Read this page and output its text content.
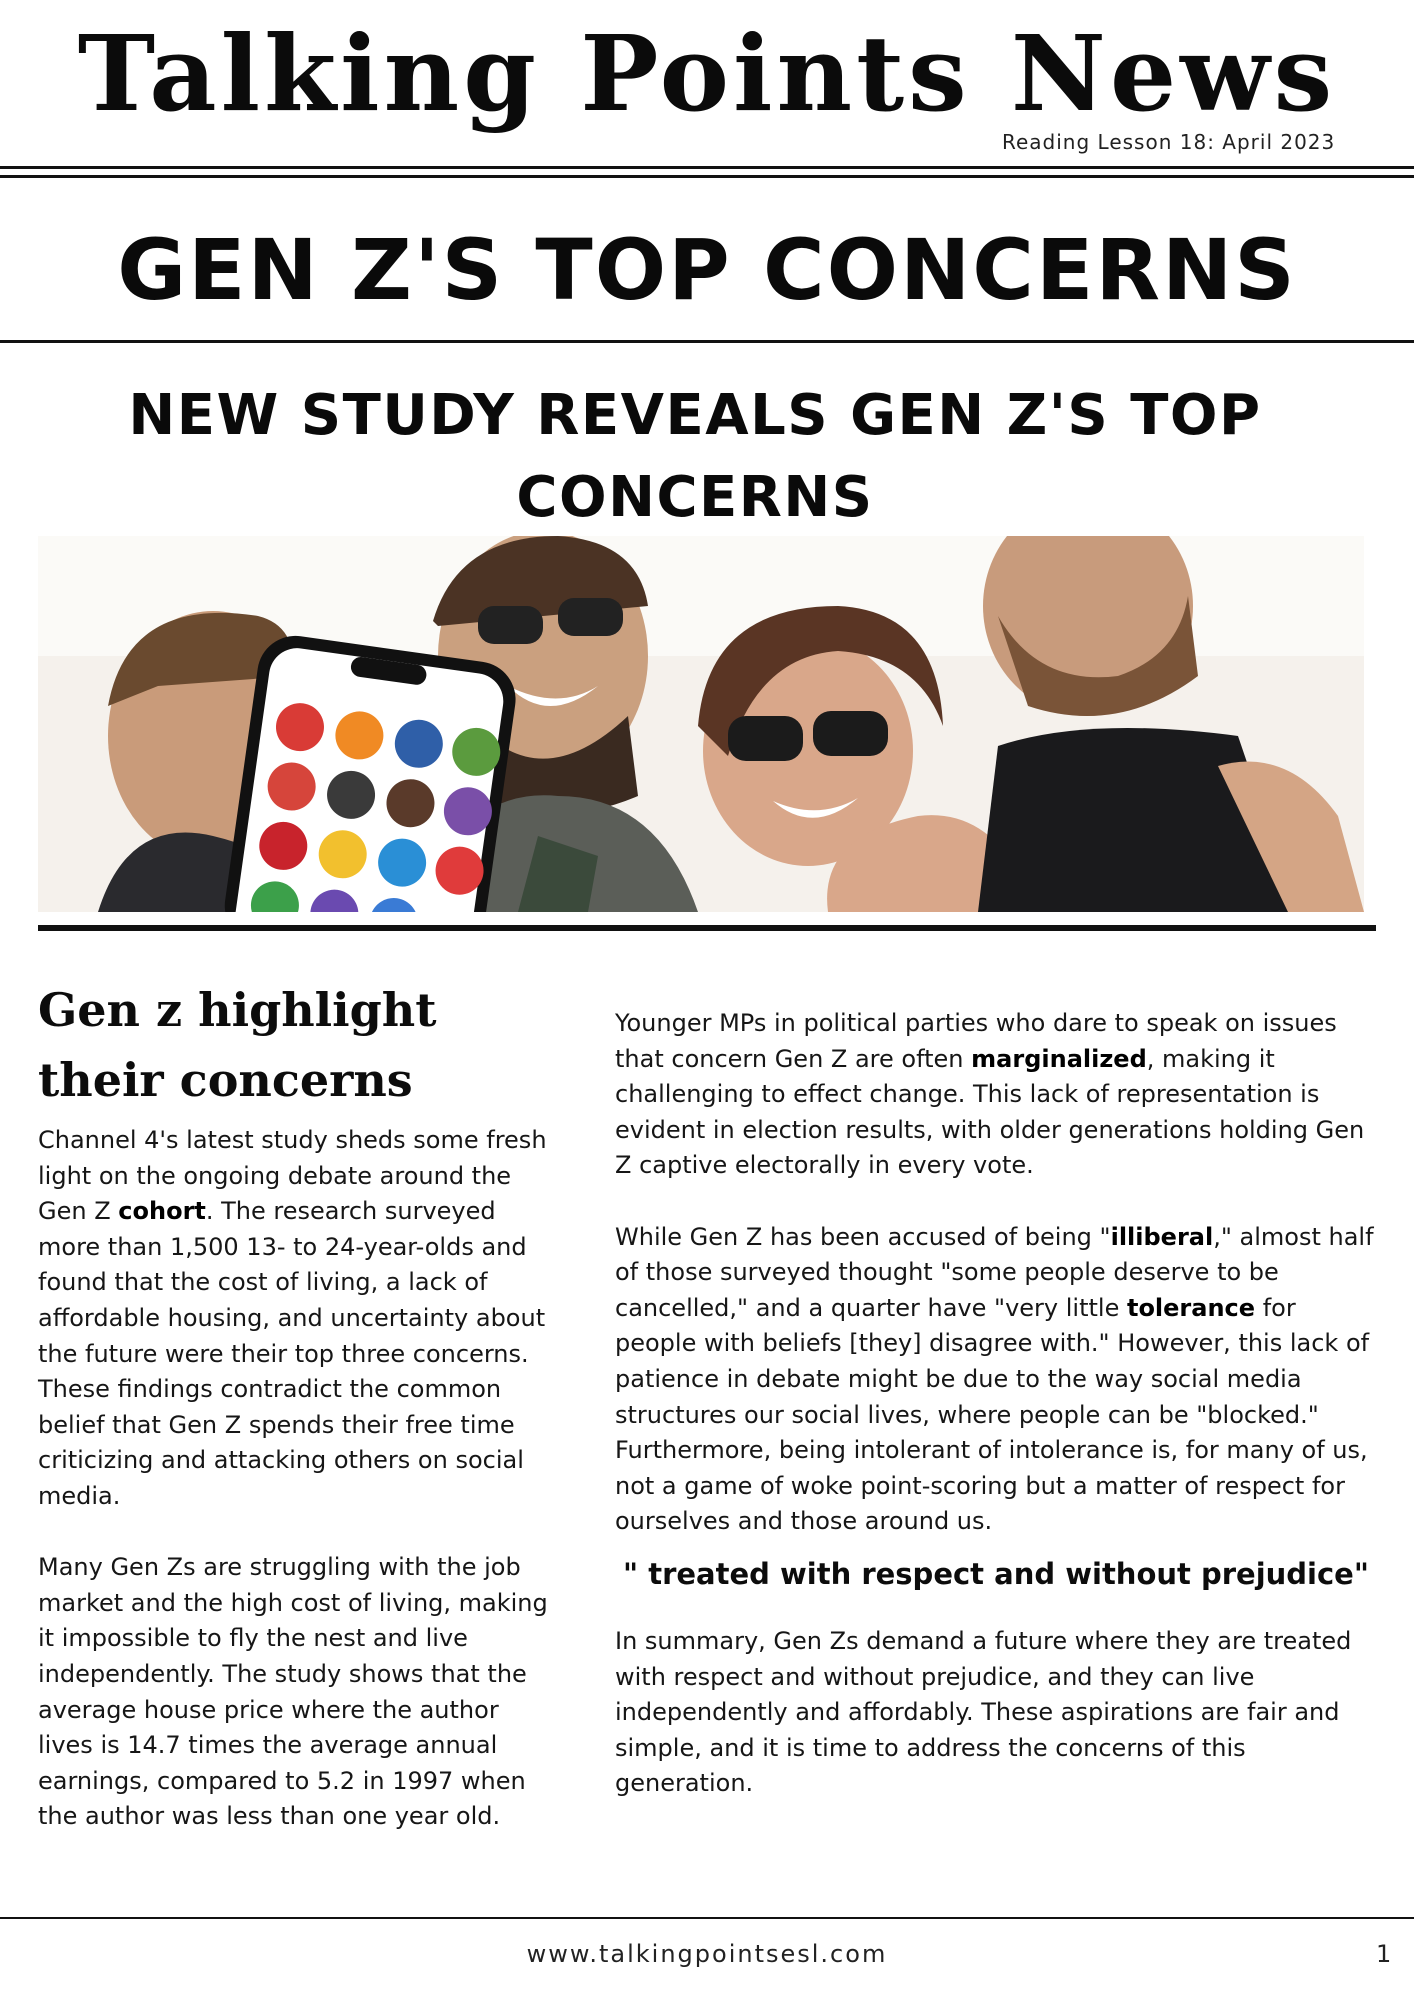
Talking Points News
Reading Lesson 18: April 2023
GEN Z'S TOP CONCERNS
NEW STUDY REVEALS GEN Z'S TOP CONCERNS
Gen z highlight their concerns

Channel 4's latest study sheds some fresh light on the ongoing debate around the Gen Z cohort. The research surveyed more than 1,500 13- to 24-year-olds and found that the cost of living, a lack of affordable housing, and uncertainty about the future were their top three concerns. These findings contradict the common belief that Gen Z spends their free time criticizing and attacking others on social media.

Many Gen Zs are struggling with the job market and the high cost of living, making it impossible to fly the nest and live independently. The study shows that the average house price where the author lives is 14.7 times the average annual earnings, compared to 5.2 in 1997 when the author was less than one year old.

Younger MPs in political parties who dare to speak on issues that concern Gen Z are often marginalized, making it challenging to effect change. This lack of representation is evident in election results, with older generations holding Gen Z captive electorally in every vote.

While Gen Z has been accused of being "illiberal," almost half of those surveyed thought "some people deserve to be cancelled," and a quarter have "very little tolerance for people with beliefs [they] disagree with." However, this lack of patience in debate might be due to the way social media structures our social lives, where people can be "blocked." Furthermore, being intolerant of intolerance is, for many of us, not a game of woke point-scoring but a matter of respect for ourselves and those around us.

" treated with respect and without prejudice"

In summary, Gen Zs demand a future where they are treated with respect and without prejudice, and they can live independently and affordably. These aspirations are fair and simple, and it is time to address the concerns of this generation.

www.talkingpointsesl.com	1
